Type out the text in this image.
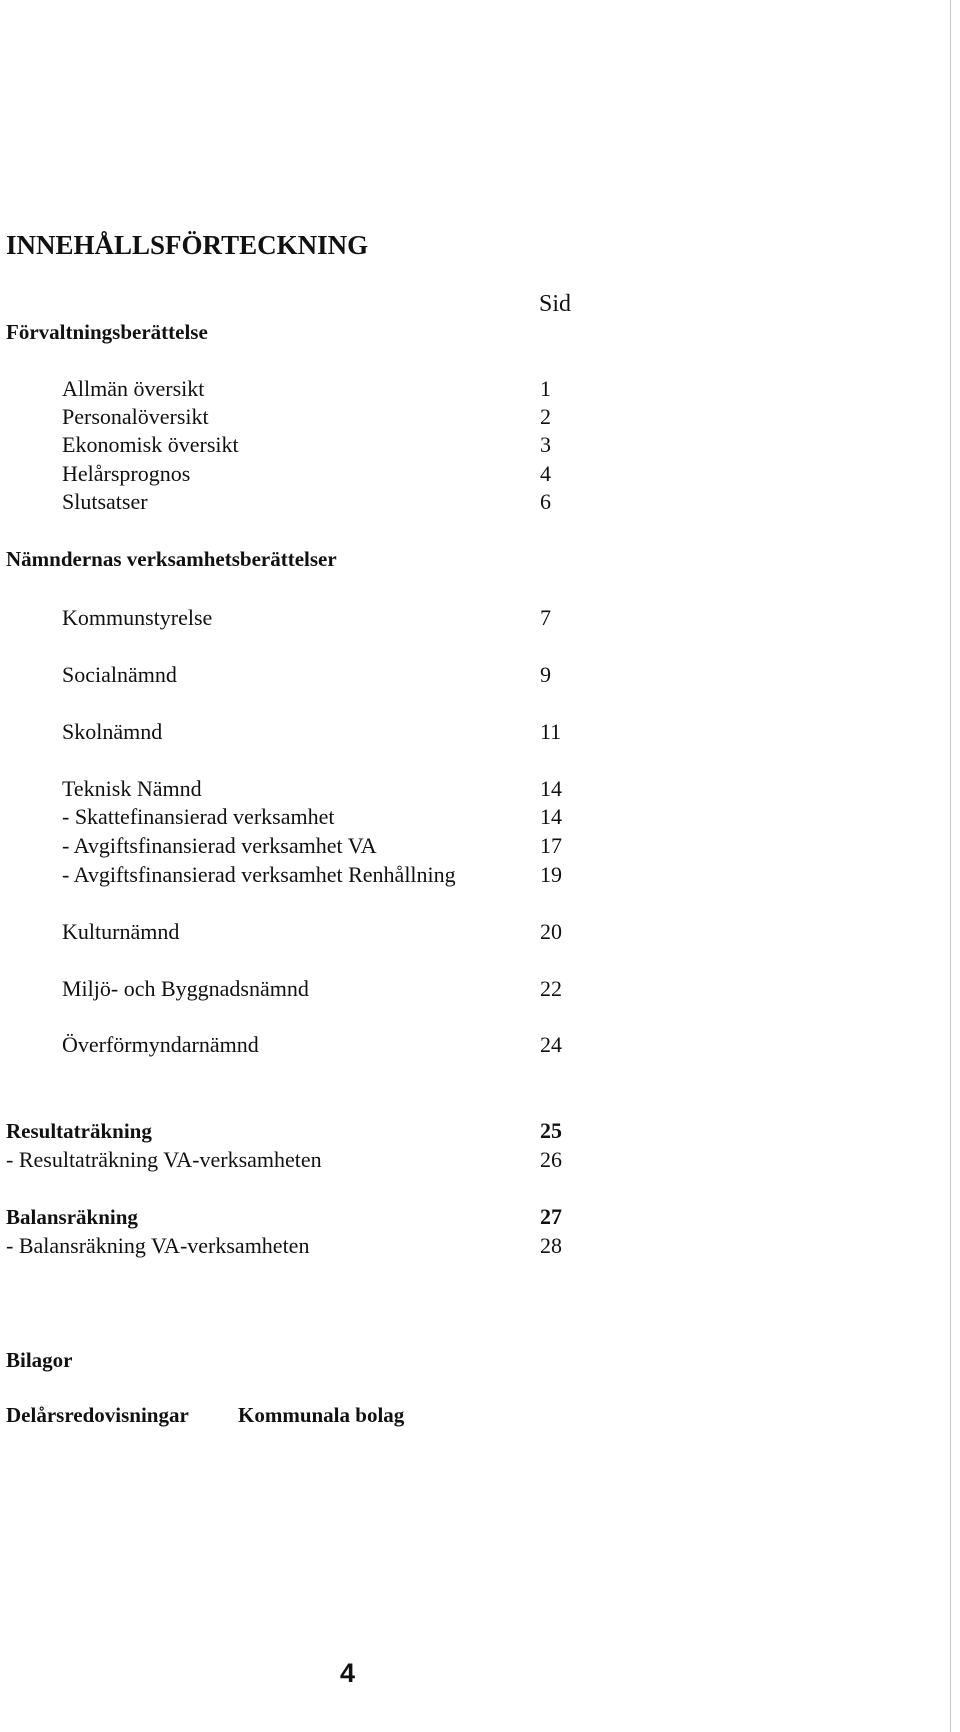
INNEHÅLLSFÖRTECKNING
Sid
Förvaltningsberättelse
Allmän översikt	1
Personalöversikt	2
Ekonomisk översikt	3
Helårsprognos	4
Slutsatser	6
Nämndernas verksamhetsberättelser
Kommunstyrelse	7
Socialnämnd	9
Skolnämnd	11
Teknisk Nämnd	14
- Skattefinansierad verksamhet	14
- Avgiftsfinansierad verksamhet VA	17
- Avgiftsfinansierad verksamhet Renhållning	19
Kulturnämnd	20
Miljö- och Byggnadsnämnd	22
Överförmyndarnämnd	24
Resultaträkning	25
- Resultaträkning VA-verksamheten	26
Balansräkning	27
- Balansräkning VA-verksamheten	28
Bilagor
Delårsredovisningar Kommunala bolag
4
